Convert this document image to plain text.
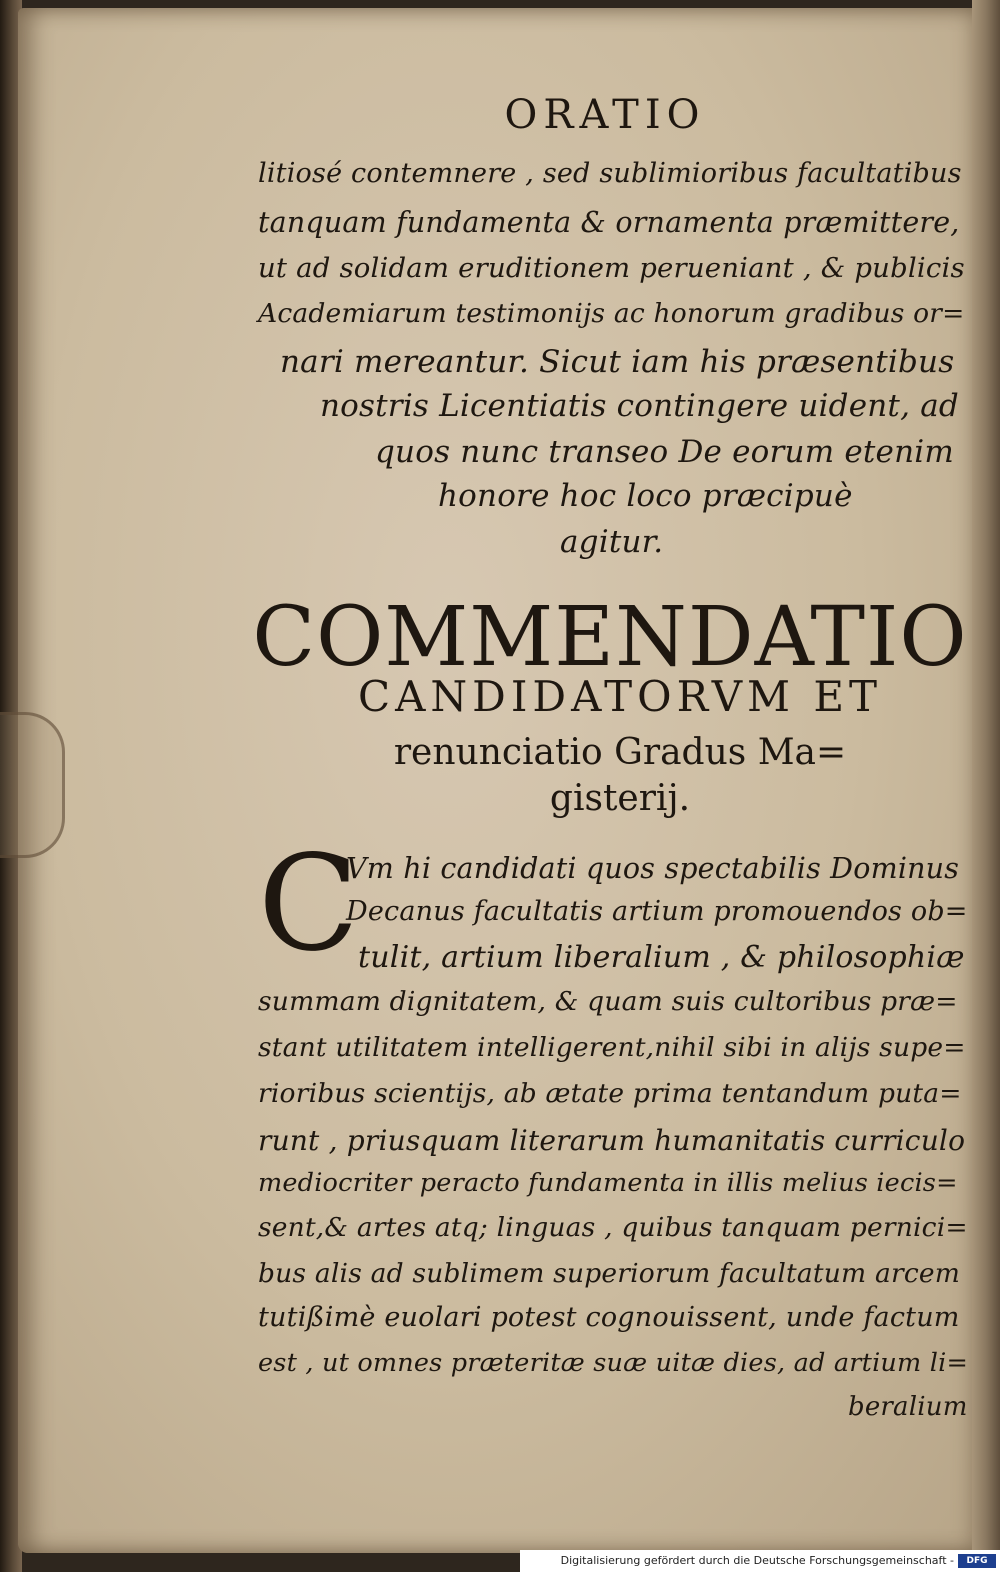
ORATIO
litiosé contemnere , sed sublimioribus facultatibus
tanquam fundamenta & ornamenta præmittere,
ut ad solidam eruditionem perueniant , & publicis
Academiarum testimonijs ac honorum gradibus or=
nari mereantur. Sicut iam his præsentibus
nostris Licentiatis contingere uident, ad
quos nunc transeo De eorum etenim
honore hoc loco præcipuè
agitur.
COMMENDATIO
CANDIDATORVM ET
renunciatio Gradus Ma=
gisterij.
C
Vm hi candidati quos spectabilis Dominus
Decanus facultatis artium promouendos ob=
tulit, artium liberalium , & philosophiæ
summam dignitatem, & quam suis cultoribus præ=
stant utilitatem intelligerent,nihil sibi in alijs supe=
rioribus scientijs, ab ætate prima tentandum puta=
runt , priusquam literarum humanitatis curriculo
mediocriter peracto fundamenta in illis melius iecis=
sent,& artes atq; linguas , quibus tanquam pernici=
bus alis ad sublimem superiorum facultatum arcem
tutißimè euolari potest cognouissent, unde factum
est , ut omnes præteritæ suæ uitæ dies, ad artium li=
beralium
Digitalisierung gefördert durch die Deutsche Forschungsgemeinschaft -	DFG
